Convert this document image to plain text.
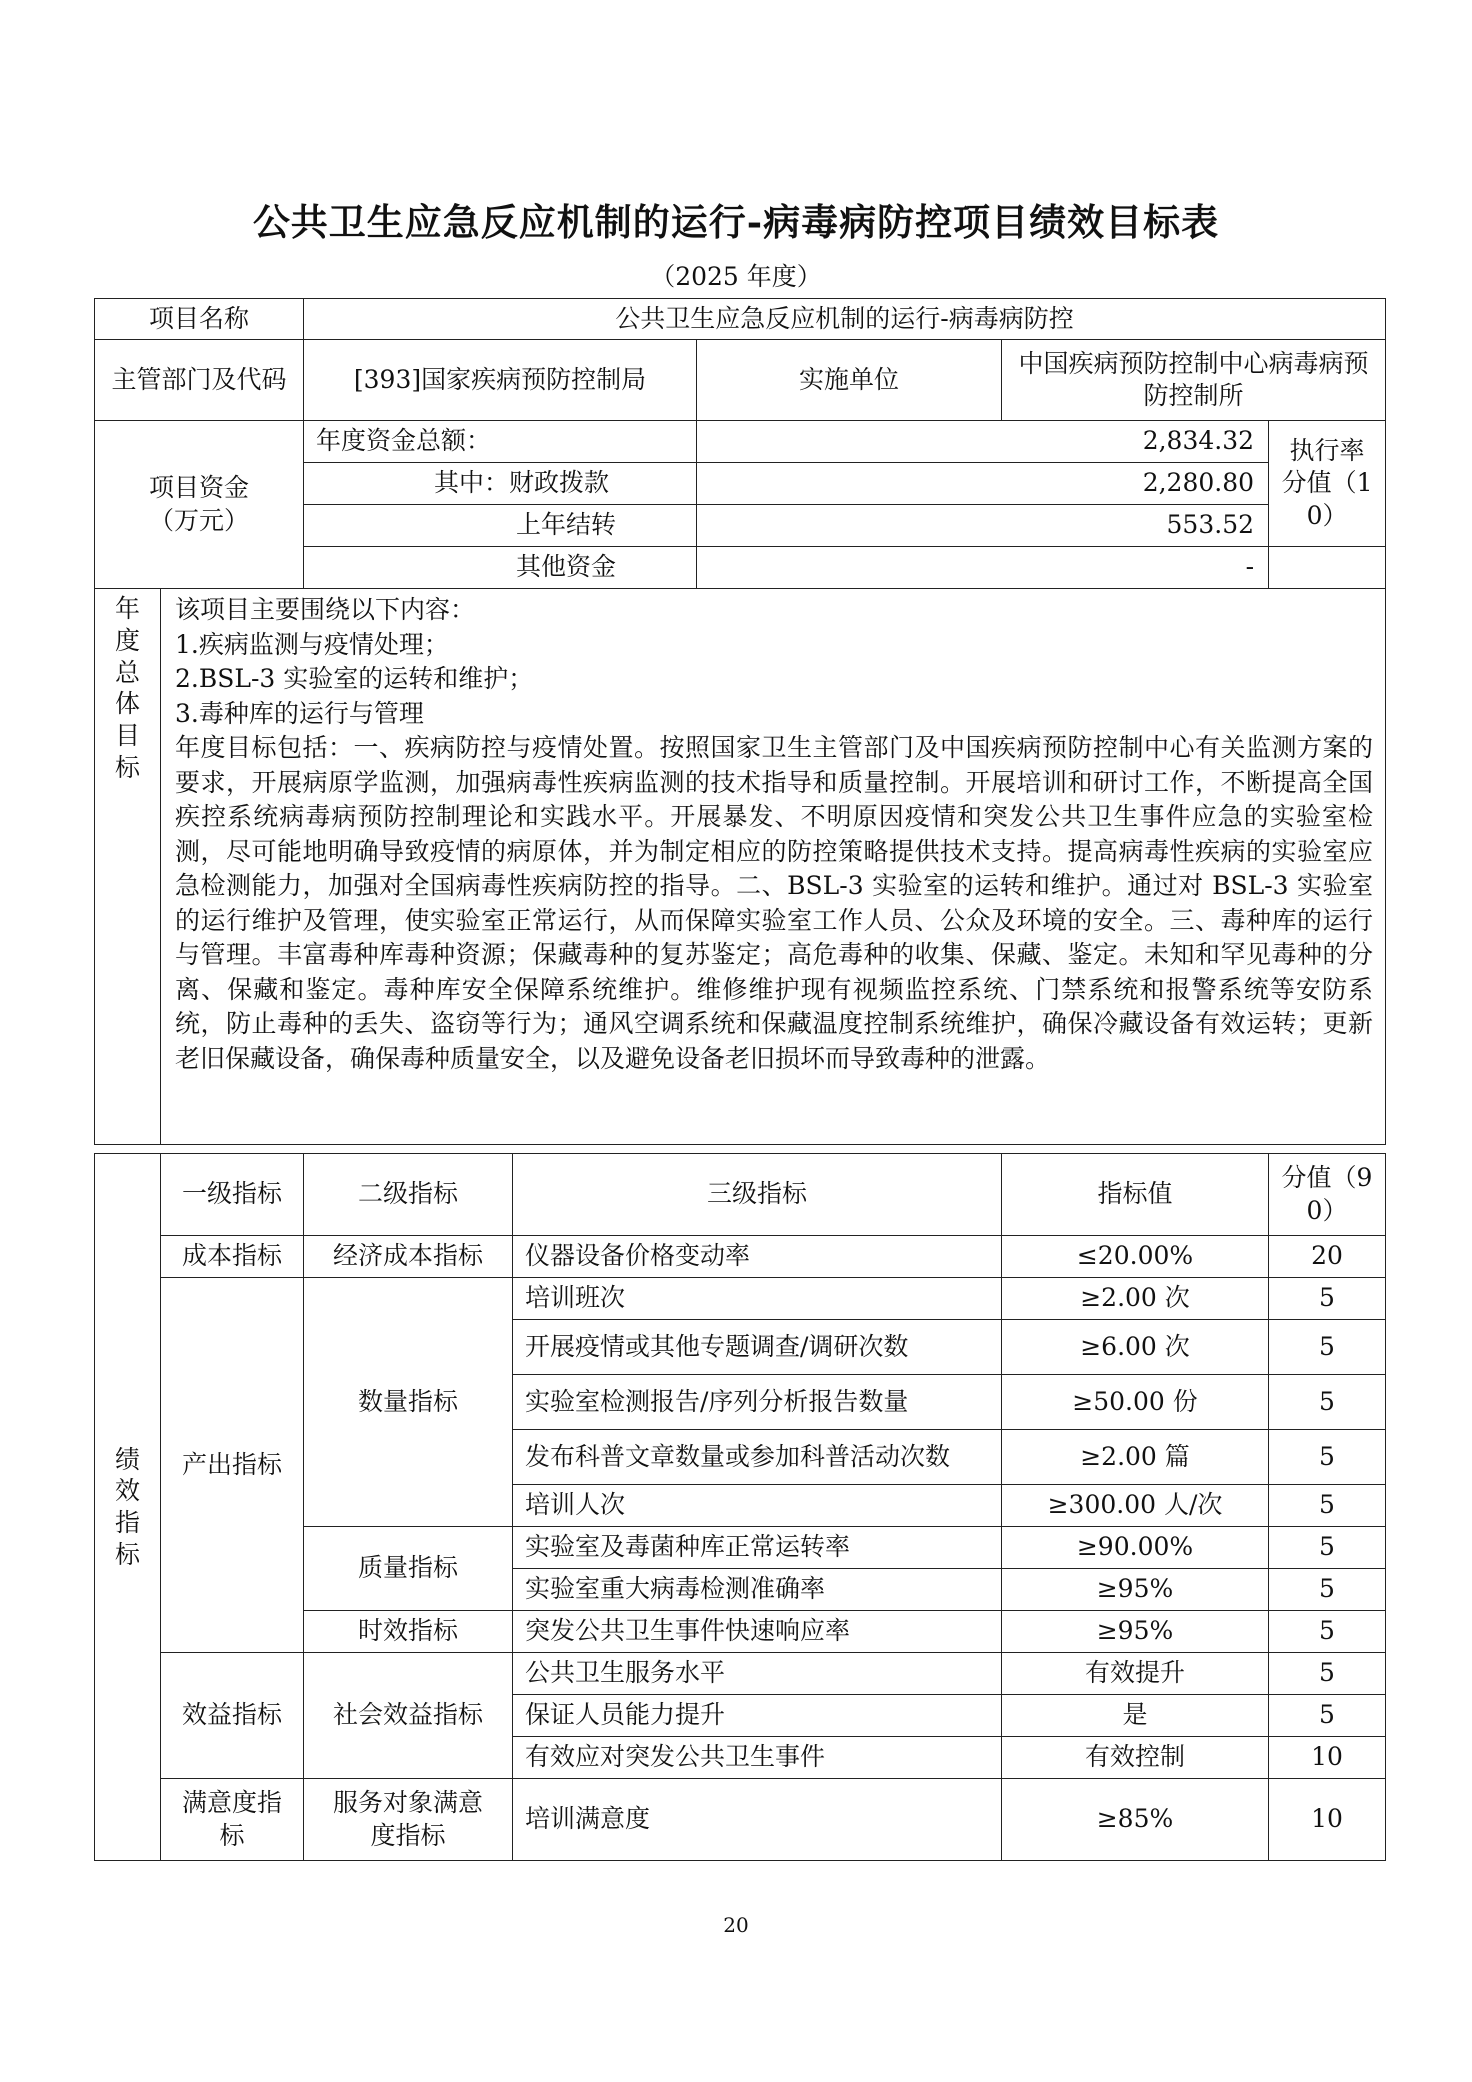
公共卫生应急反应机制的运行-病毒病防控项目绩效目标表
（2025 年度）
项目名称		公共卫生应急反应机制的运行-病毒病防控			
主管部门及代码		[393]国家疾病预防控制局	实施单位	中国疾病预防控制中心病毒病预防控制所	
项目资金（万元）		年度资金总额：	2,834.32		执行率分值（10）
		其中：财政拨款	2,280.80		
		上年结转	553.52		
		其他资金	-		
年度总体目标	该项目主要围绕以下内容：
1.疾病监测与疫情处理；
2.BSL-3 实验室的运转和维护；
3.毒种库的运行与管理
年度目标包括：一、疾病防控与疫情处置。按照国家卫生主管部门及中国疾病预防控制中心有关监测方案的要求，开展病原学监测，加强病毒性疾病监测的技术指导和质量控制。开展培训和研讨工作，不断提高全国疾控系统病毒病预防控制理论和实践水平。开展暴发、不明原因疫情和突发公共卫生事件应急的实验室检测，尽可能地明确导致疫情的病原体，并为制定相应的防控策略提供技术支持。提高病毒性疾病的实验室应急检测能力，加强对全国病毒性疾病防控的指导。二、BSL-3 实验室的运转和维护。通过对 BSL-3 实验室的运行维护及管理，使实验室正常运行，从而保障实验室工作人员、公众及环境的安全。三、毒种库的运行与管理。丰富毒种库毒种资源；保藏毒种的复苏鉴定；高危毒种的收集、保藏、鉴定。未知和罕见毒种的分离、保藏和鉴定。毒种库安全保障系统维护。维修维护现有视频监控系统、门禁系统和报警系统等安防系统，防止毒种的丢失、盗窃等行为；通风空调系统和保藏温度控制系统维护，确保冷藏设备有效运转；更新老旧保藏设备，确保毒种质量安全，以及避免设备老旧损坏而导致毒种的泄露。				
绩效指标	一级指标	二级指标	三级指标	指标值	分值（90）
	成本指标	经济成本指标	仪器设备价格变动率	≤20.00%	20
	产出指标	数量指标	培训班次	≥2.00 次	5
			开展疫情或其他专题调查/调研次数	≥6.00 次	5
			实验室检测报告/序列分析报告数量	≥50.00 份	5
			发布科普文章数量或参加科普活动次数	≥2.00 篇	5
			培训人次	≥300.00 人/次	5
		质量指标	实验室及毒菌种库正常运转率	≥90.00%	5
			实验室重大病毒检测准确率	≥95%	5
		时效指标	突发公共卫生事件快速响应率	≥95%	5
	效益指标	社会效益指标	公共卫生服务水平	有效提升	5
			保证人员能力提升	是	5
			有效应对突发公共卫生事件	有效控制	10
	满意度指标	服务对象满意度指标	培训满意度	≥85%	10
20
